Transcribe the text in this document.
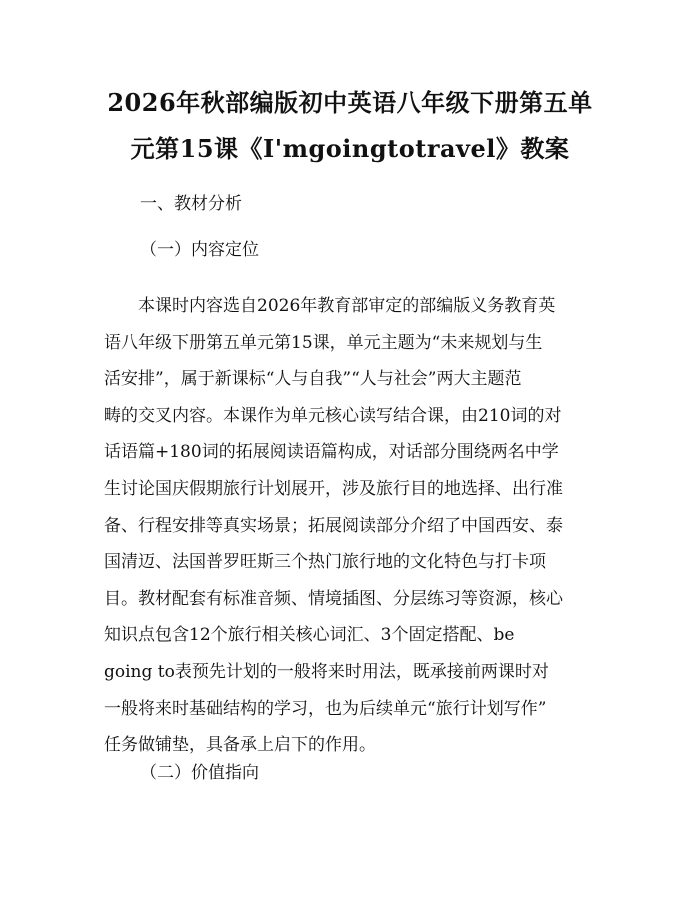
2026年秋部编版初中英语八年级下册第五单
元第15课《I'mgoingtotravel》教案
一、教材分析
（一）内容定位
　　本课时内容选自2026年教育部审定的部编版义务教育英
语八年级下册第五单元第15课，单元主题为“未来规划与生
活安排”，属于新课标“人与自我”“人与社会”两大主题范
畴的交叉内容。本课作为单元核心读写结合课，由210词的对
话语篇+180词的拓展阅读语篇构成，对话部分围绕两名中学
生讨论国庆假期旅行计划展开，涉及旅行目的地选择、出行准
备、行程安排等真实场景；拓展阅读部分介绍了中国西安、泰
国清迈、法国普罗旺斯三个热门旅行地的文化特色与打卡项
目。教材配套有标准音频、情境插图、分层练习等资源，核心
知识点包含12个旅行相关核心词汇、3个固定搭配、be
going to表预先计划的一般将来时用法，既承接前两课时对
一般将来时基础结构的学习，也为后续单元“旅行计划写作”
任务做铺垫，具备承上启下的作用。
（二）价值指向
